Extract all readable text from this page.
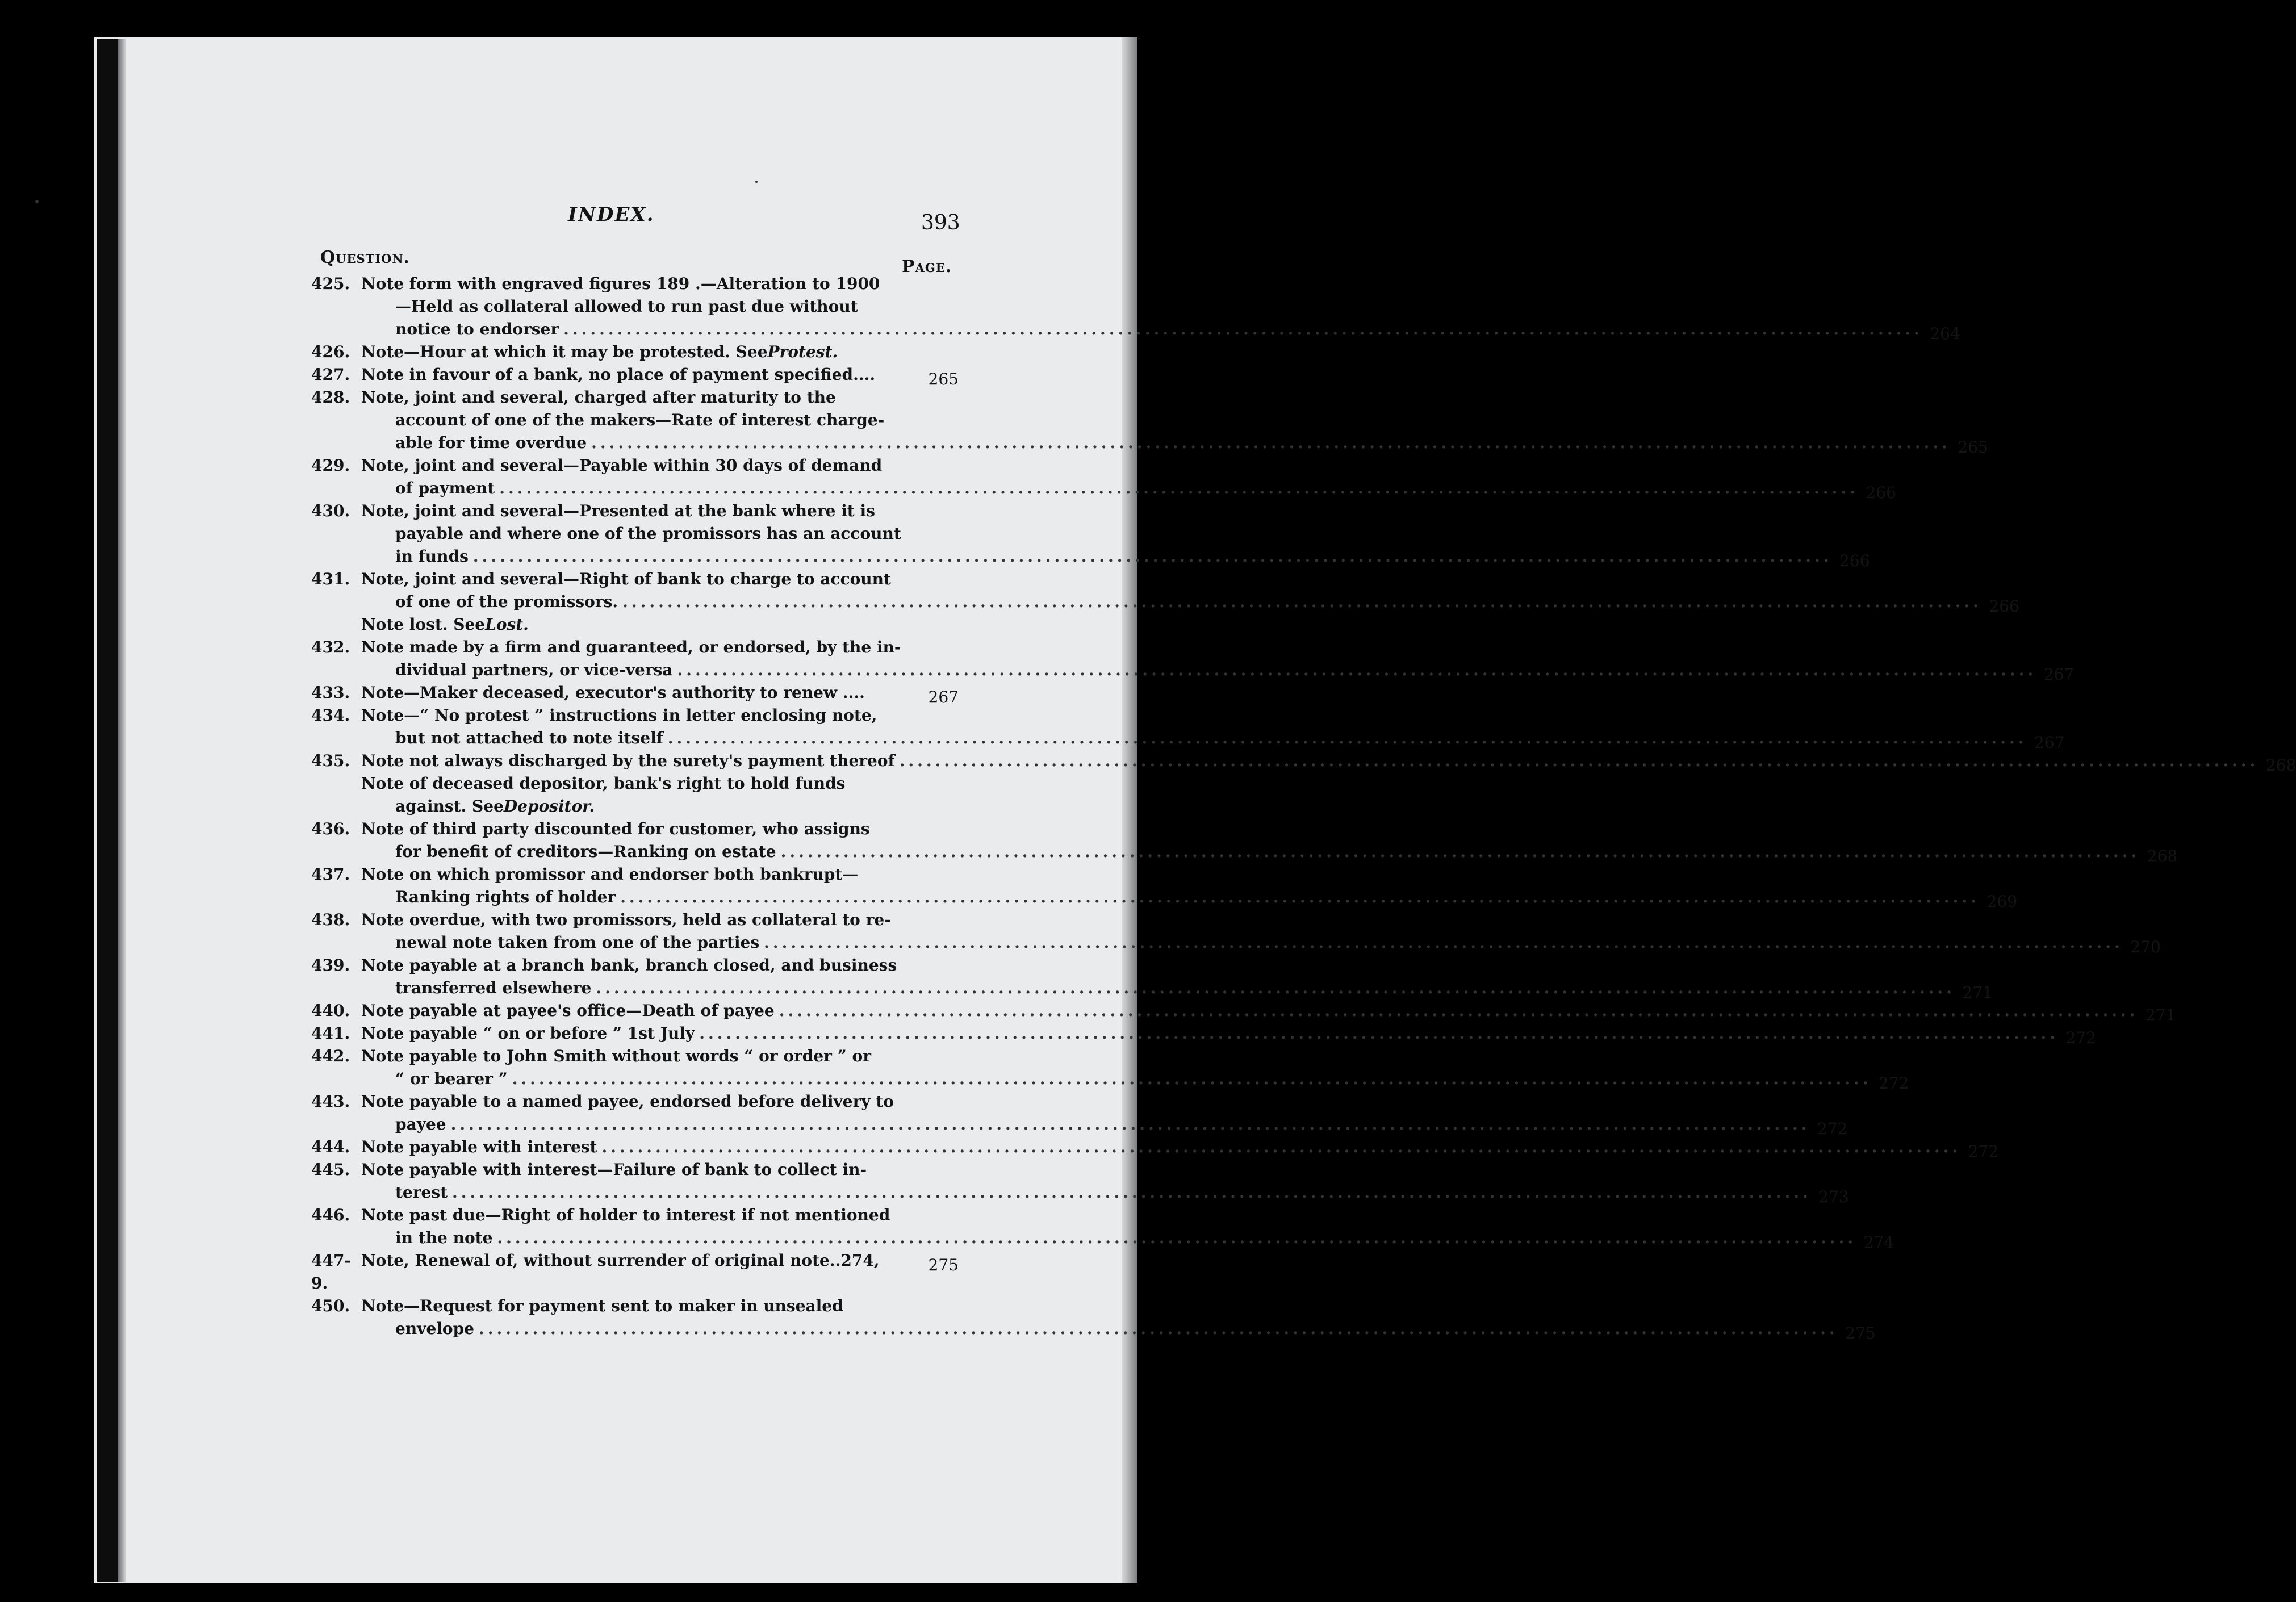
INDEX.	393
Question.	Page.
425. Note form with engraved figures 189 .—Alteration to 1900
—Held as collateral allowed to run past due without
notice to endorser .....	264
426. Note—Hour at which it may be protested. See Protest.
427. Note in favour of a bank, no place of payment specified....	265
428. Note, joint and several, charged after maturity to the
account of one of the makers—Rate of interest charge-
able for time overdue .....	265
429. Note, joint and several—Payable within 30 days of demand
of payment .....	266
430. Note, joint and several—Presented at the bank where it is
payable and where one of the promissors has an account
in funds .....	266
431. Note, joint and several—Right of bank to charge to account
of one of the promissors. .....	266
Note lost. See Lost.
432. Note made by a firm and guaranteed, or endorsed, by the in-
dividual partners, or vice-versa .....	267
433. Note—Maker deceased, executor's authority to renew ....	267
434. Note—“ No protest ” instructions in letter enclosing note,
but not attached to note itself .....	267
435. Note not always discharged by the surety's payment thereof .....	268
Note of deceased depositor, bank's right to hold funds
against. See Depositor.
436. Note of third party discounted for customer, who assigns
for benefit of creditors—Ranking on estate .....	268
437. Note on which promissor and endorser both bankrupt—
Ranking rights of holder .....	269
438. Note overdue, with two promissors, held as collateral to re-
newal note taken from one of the parties .....	270
439. Note payable at a branch bank, branch closed, and business
transferred elsewhere .....	271
440. Note payable at payee's office—Death of payee .....	271
441. Note payable “ on or before ” 1st July .....	272
442. Note payable to John Smith without words “ or order ” or
“ or bearer ” .....	272
443. Note payable to a named payee, endorsed before delivery to
payee .....	272
444. Note payable with interest .....	272
445. Note payable with interest—Failure of bank to collect in-
terest .....	273
446. Note past due—Right of holder to interest if not mentioned
in the note .....	274
447-9.
Note, Renewal of, without surrender of original note..274,	275
450. Note—Request for payment sent to maker in unsealed
envelope .....	275
